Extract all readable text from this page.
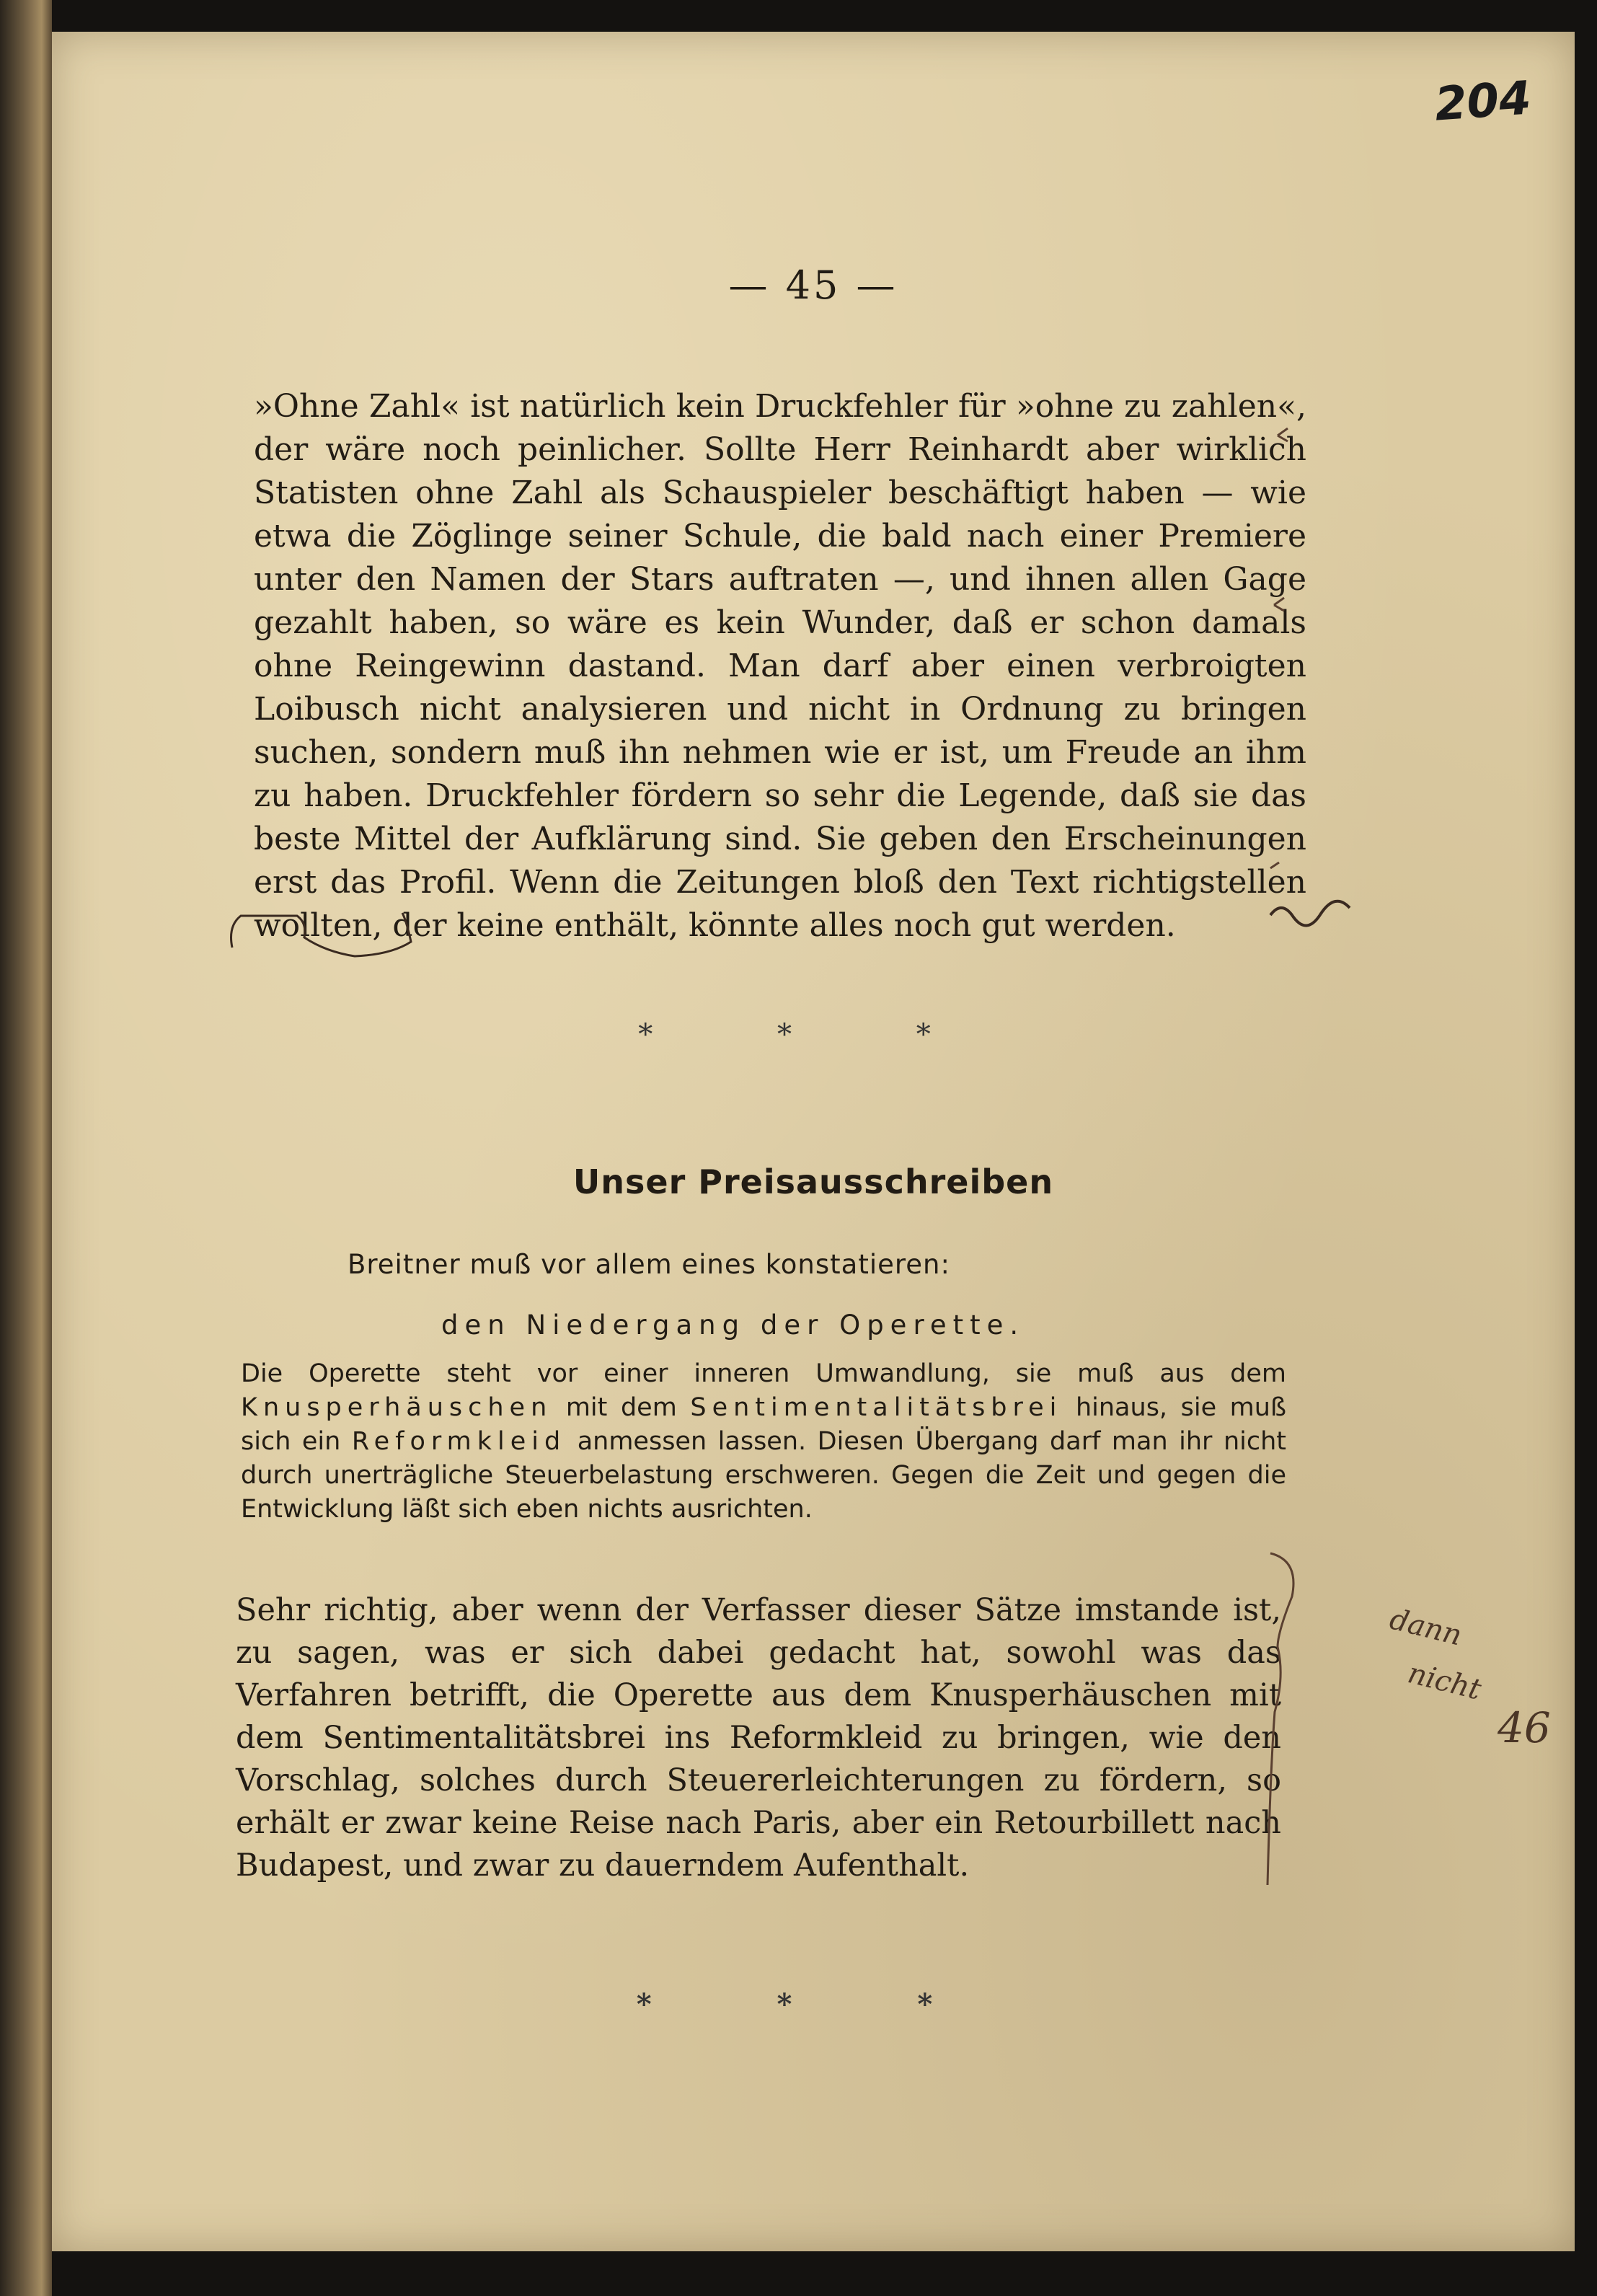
204
— 45 —

»Ohne Zahl« ist natürlich kein Druckfehler für »ohne zu zahlen«, der wäre noch peinlicher. Sollte Herr Reinhardt aber wirklich Statisten ohne Zahl als Schauspieler beschäftigt haben — wie etwa die Zöglinge seiner Schule, die bald nach einer Premiere unter den Namen der Stars auftraten —, und ihnen allen Gage gezahlt haben, so wäre es kein Wunder, daß er schon damals ohne Reingewinn dastand. Man darf aber einen verbroigten Loibusch nicht analysieren und nicht in Ordnung zu bringen suchen, sondern muß ihn nehmen wie er ist, um Freude an ihm zu haben. Druckfehler fördern so sehr die Legende, daß sie das beste Mittel der Aufklärung sind. Sie geben den Erscheinungen erst das Profil. Wenn die Zeitungen bloß den Text richtigstellen wollten, der keine enthält, könnte alles noch gut werden.

* * *
Unser Preisausschreiben
Breitner muß vor allem eines konstatieren:
den Niedergang der Operette.

Die Operette steht vor einer inneren Umwandlung, sie muß aus dem Knusperhäuschen mit dem Sentimentalitätsbrei hinaus, sie muß sich ein Reformkleid anmessen lassen. Diesen Übergang darf man ihr nicht durch unerträgliche Steuerbelastung erschweren. Gegen die Zeit und gegen die Entwicklung läßt sich eben nichts ausrichten.

Sehr richtig, aber wenn der Verfasser dieser Sätze imstande ist, zu sagen, was er sich dabei gedacht hat, sowohl was das Verfahren betrifft, die Operette aus dem Knusperhäuschen mit dem Sentimentalitätsbrei ins Reformkleid zu bringen, wie den Vorschlag, solches durch Steuererleichterungen zu fördern, so erhält er zwar keine Reise nach Paris, aber ein Retourbillett nach Budapest, und zwar zu dauerndem Aufenthalt.

* * *
dann
nicht
46
